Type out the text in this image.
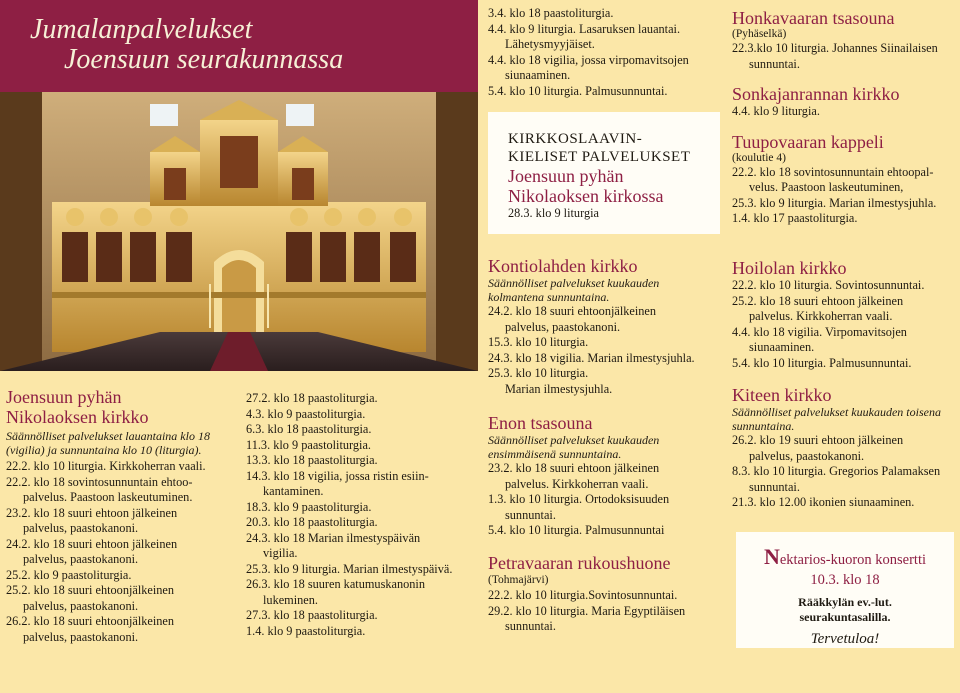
Jumalanpalvelukset
Joensuun seurakunnassa
Joensuun pyhän
Nikolaoksen kirkko
Säännölliset palvelukset lauantaina klo 18 (vigilia) ja sunnuntaina klo 10 (liturgia).
22.2. klo 10 liturgia. Kirkkoherran vaali.
22.2. klo 18 sovintosunnuntain ehtoo-
palvelus. Paastoon laskeutuminen.
23.2. klo 18 suuri ehtoon jälkeinen
palvelus, paastokanoni.
24.2. klo 18 suuri ehtoon jälkeinen
palvelus, paastokanoni.
25.2. klo 9 paastoliturgia.
25.2. klo 18 suuri ehtoonjälkeinen
palvelus, paastokanoni.
26.2. klo 18 suuri ehtoonjälkeinen
palvelus, paastokanoni.
27.2. klo 18 paastoliturgia.
4.3. klo 9 paastoliturgia.
6.3. klo 18 paastoliturgia.
11.3. klo 9 paastoliturgia.
13.3. klo 18 paastoliturgia.
14.3. klo 18 vigilia, jossa ristin esiin-
kantaminen.
18.3. klo 9 paastoliturgia.
20.3. klo 18 paastoliturgia.
24.3. klo 18 Marian ilmestyspäivän
vigilia.
25.3. klo 9 liturgia. Marian ilmestyspäivä.
26.3. klo 18 suuren katumuskanonin
lukeminen.
27.3. klo 18 paastoliturgia.
1.4. klo 9 paastoliturgia.
3.4. klo 18 paastoliturgia.
4.4. klo 9 liturgia. Lasaruksen lauantai.
Lähetysmyyjäiset.
4.4. klo 18 vigilia, jossa virpomavitsojen
siunaaminen.
5.4. klo 10 liturgia. Palmusunnuntai.
KIRKKOSLAAVIN-
KIELISET PALVELUKSET
Joensuun pyhän
Nikolaoksen kirkossa
28.3. klo 9 liturgia
Kontiolahden kirkko
Säännölliset palvelukset kuukauden kolmantena sunnuntaina.
24.2. klo 18 suuri ehtoonjälkeinen
palvelus, paastokanoni.
15.3. klo 10 liturgia.
24.3. klo 18 vigilia. Marian ilmestysjuhla.
25.3. klo 10 liturgia.
Marian ilmestysjuhla.
Enon tsasouna
Säännölliset palvelukset kuukauden ensimmäisenä sunnuntaina.
23.2. klo 18 suuri ehtoon jälkeinen
palvelus. Kirkkoherran vaali.
1.3. klo 10 liturgia. Ortodoksisuuden
sunnuntai.
5.4. klo 10 liturgia. Palmusunnuntai
Petravaaran rukoushuone
(Tohmajärvi)
22.2. klo 10 liturgia.Sovintosunnuntai.
29.2. klo 10 liturgia. Maria Egyptiläisen
sunnuntai.
Honkavaaran tsasouna
(Pyhäselkä)
22.3.klo 10 liturgia. Johannes Siinailaisen
sunnuntai.
Sonkajanrannan kirkko
4.4. klo 9 liturgia.
Tuupovaaran kappeli
(koulutie 4)
22.2. klo 18 sovintosunnuntain ehtoopal-
velus. Paastoon laskeutuminen,
25.3. klo 9 liturgia. Marian ilmestysjuhla.
1.4. klo 17 paastoliturgia.
Hoilolan kirkko
22.2. klo 10 liturgia. Sovintosunnuntai.
25.2. klo 18 suuri ehtoon jälkeinen
palvelus. Kirkkoherran vaali.
4.4. klo 18 vigilia. Virpomavitsojen
siunaaminen.
5.4. klo 10 liturgia. Palmusunnuntai.
Kiteen kirkko
Säännölliset palvelukset kuukauden toisena sunnuntaina.
26.2. klo 19 suuri ehtoon jälkeinen
palvelus, paastokanoni.
8.3. klo 10 liturgia. Gregorios Palamaksen
sunnuntai.
21.3. klo 12.00 ikonien siunaaminen.
Nektarios-kuoron konsertti
10.3. klo 18
Rääkkylän ev.-lut.
seurakuntasalilla.
Tervetuloa!
